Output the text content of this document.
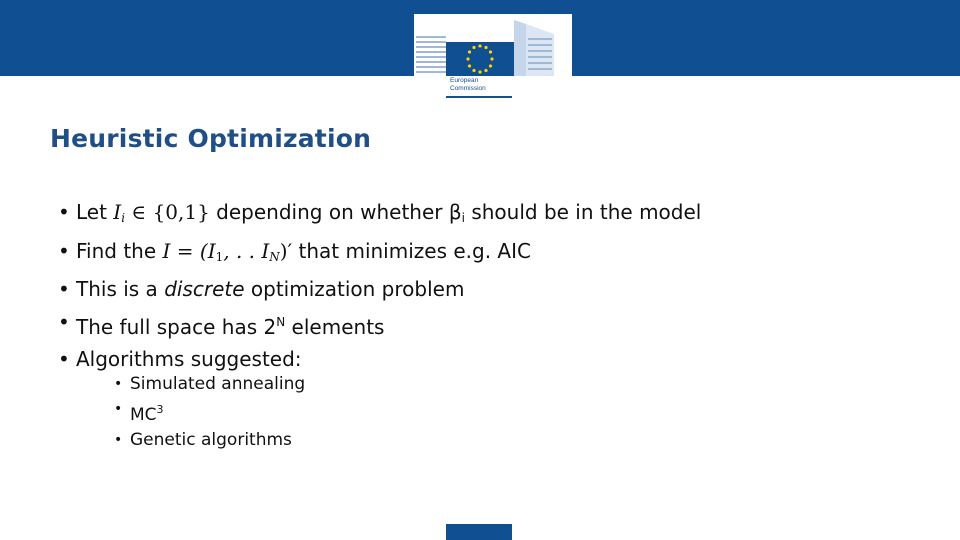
European
Commission
Heuristic Optimization
• Let Ii ∈ {0,1} depending on whether βi should be in the model
• Find the I = (I1, . . IN)′ that minimizes e.g. AIC
• This is a discrete optimization problem
• The full space has $2^N$ elements
• Algorithms suggested:
• Simulated annealing
• $MC^3$
• Genetic algorithms
